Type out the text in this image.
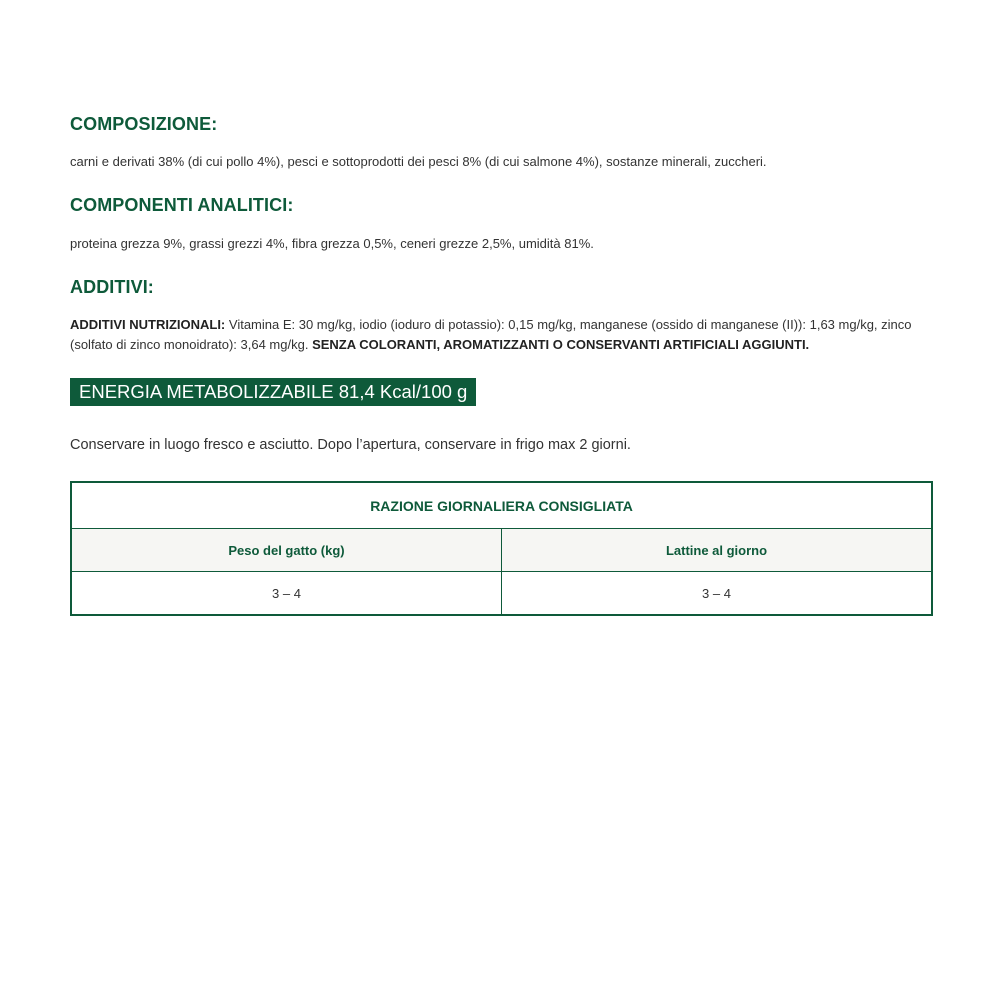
COMPOSIZIONE:

carni e derivati 38% (di cui pollo 4%), pesci e sottoprodotti dei pesci 8% (di cui salmone 4%), sostanze minerali, zuccheri.

COMPONENTI ANALITICI:

proteina grezza 9%, grassi grezzi 4%, fibra grezza 0,5%, ceneri grezze 2,5%, umidità 81%.

ADDITIVI:

ADDITIVI NUTRIZIONALI: Vitamina E: 30 mg/kg, iodio (ioduro di potassio): 0,15 mg/kg, manganese (ossido di manganese (II)): 1,63 mg/kg, zinco (solfato di zinco monoidrato): 3,64 mg/kg. SENZA COLORANTI, AROMATIZZANTI O CONSERVANTI ARTIFICIALI AGGIUNTI.

ENERGIA METABOLIZZABILE 81,4 Kcal/100 g

Conservare in luogo fresco e asciutto. Dopo l’apertura, conservare in frigo max 2 giorni.

RAZIONE GIORNALIERA CONSIGLIATA	
Peso del gatto (kg)	Lattine al giorno
3 – 4	3 – 4
